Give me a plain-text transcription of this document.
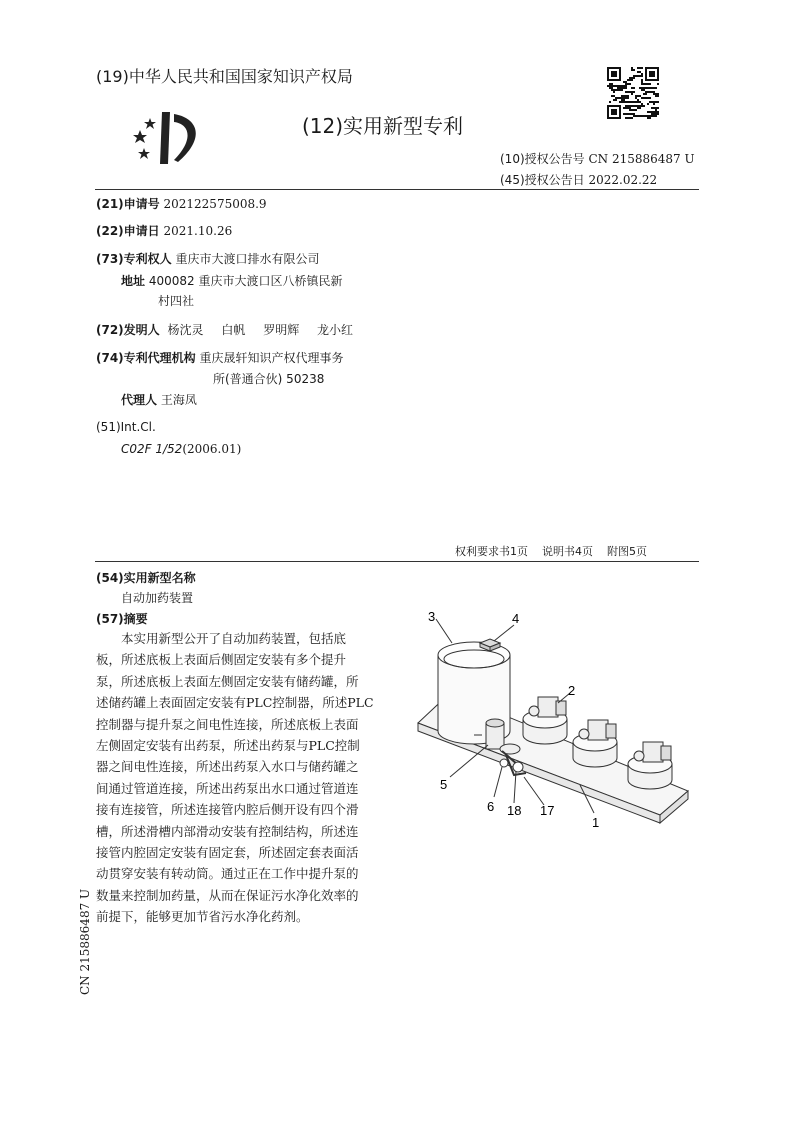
(19)中华人民共和国国家知识产权局
(12)实用新型专利
(10)授权公告号 CN 215886487 U
(45)授权公告日 2022.02.22
(21)申请号 202122575008.9
(22)申请日 2021.10.26
(73)专利权人 重庆市大渡口排水有限公司
地址 400082 重庆市大渡口区八桥镇民新
村四社
(72)发明人 杨沈灵 白帆 罗明辉 龙小红
(74)专利代理机构 重庆晟轩知识产权代理事务
所(普通合伙) 50238
代理人 王海凤
(51)Int.Cl.
C02F 1/52(2006.01)
权利要求书1页    说明书4页    附图5页
(54)实用新型名称
自动加药装置
(57)摘要
本实用新型公开了自动加药装置，包括底
板，所述底板上表面后侧固定安装有多个提升
泵，所述底板上表面左侧固定安装有储药罐，所
述储药罐上表面固定安装有PLC控制器，所述PLC
控制器与提升泵之间电性连接，所述底板上表面
左侧固定安装有出药泵，所述出药泵与PLC控制
器之间电性连接，所述出药泵入水口与储药罐之
间通过管道连接，所述出药泵出水口通过管道连
接有连接管，所述连接管内腔后侧开设有四个滑
槽，所述滑槽内部滑动安装有控制结构，所述连
接管内腔固定安装有固定套，所述固定套表面活
动贯穿安装有转动筒。通过正在工作中提升泵的
数量来控制加药量，从而在保证污水净化效率的
前提下，能够更加节省污水净化药剂。
3	4
2
5
6 18 17
1
CN 215886487 U
